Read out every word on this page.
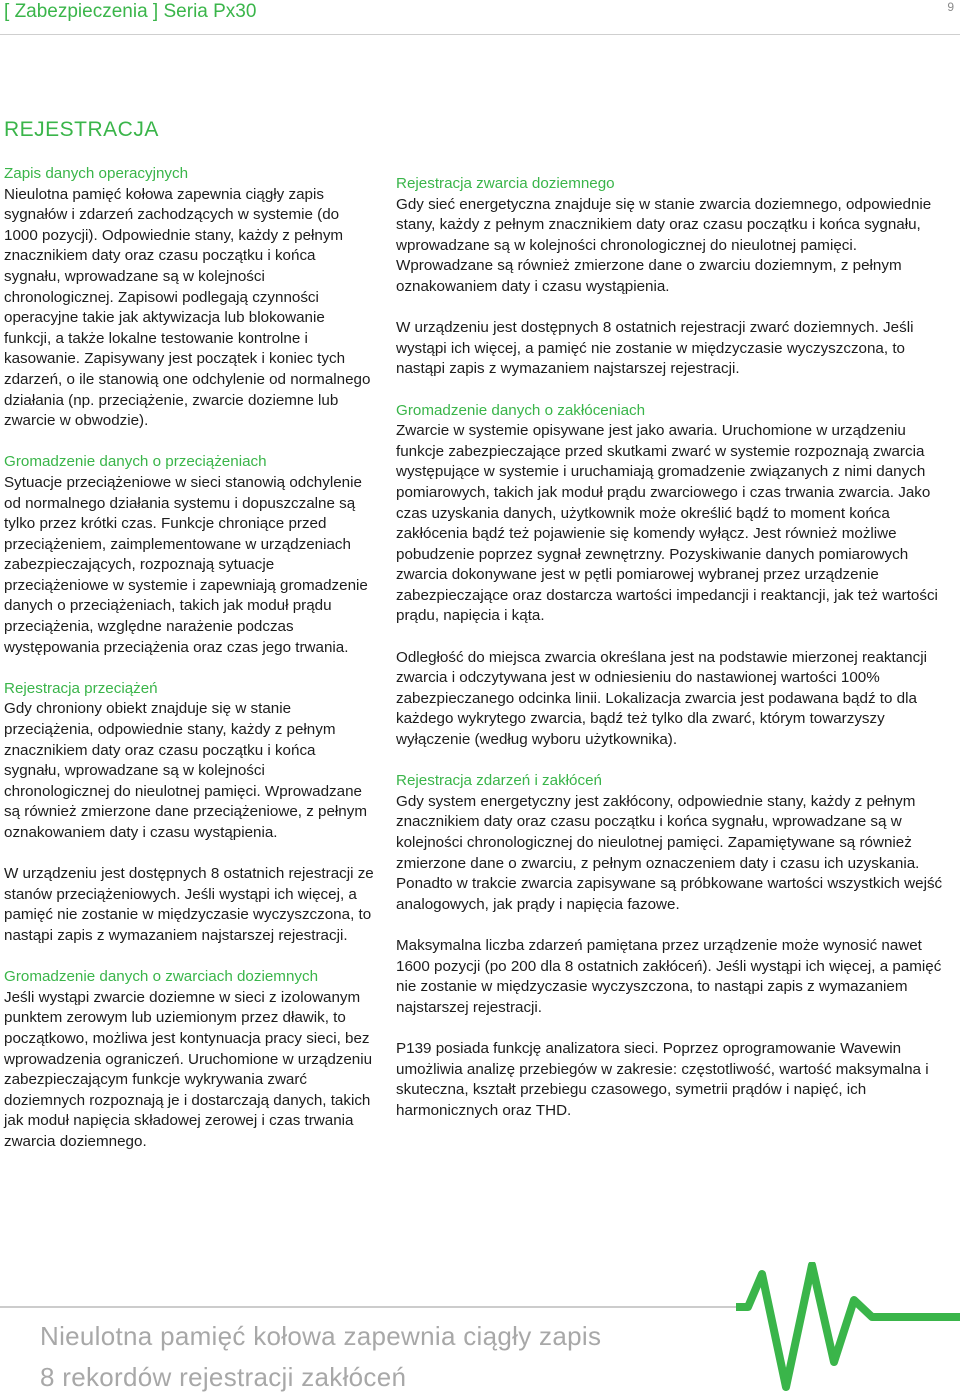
[ Zabezpieczenia ] Seria Px30	9
REJESTRACJA
Zapis danych operacyjnych

Nieulotna pamięć kołowa zapewnia ciągły zapis sygnałów i zdarzeń zachodzących w systemie (do 1000 pozycji). Odpowiednie stany, każdy z pełnym znacznikiem daty oraz czasu początku i końca sygnału, wprowadzane są w kolejności chronologicznej. Zapisowi podlegają czynności operacyjne takie jak aktywizacja lub blokowanie funkcji, a także lokalne testowanie kontrolne i kasowanie. Zapisywany jest początek i koniec tych zdarzeń, o ile stanowią one odchylenie od normalnego działania (np. przeciążenie, zwarcie doziemne lub zwarcie w obwodzie).

Gromadzenie danych o przeciążeniach

Sytuacje przeciążeniowe w sieci stanowią odchylenie od normalnego działania systemu i dopuszczalne są tylko przez krótki czas. Funkcje chroniące przed przeciążeniem, zaimplementowane w urządzeniach zabezpieczających, rozpoznają sytuacje przeciążeniowe w systemie i zapewniają gromadzenie danych o przeciążeniach, takich jak moduł prądu przeciążenia, względne narażenie podczas występowania przeciążenia oraz czas jego trwania.

Rejestracja przeciążeń

Gdy chroniony obiekt znajduje się w stanie przeciążenia, odpowiednie stany, każdy z pełnym znacznikiem daty oraz czasu początku i końca sygnału, wprowadzane są w kolejności chronologicznej do nieulotnej pamięci. Wprowadzane są również zmierzone dane przeciążeniowe, z pełnym oznakowaniem daty i czasu wystąpienia.

W urządzeniu jest dostępnych 8 ostatnich rejestracji ze stanów przeciążeniowych. Jeśli wystąpi ich więcej, a pamięć nie zostanie w międzyczasie wyczyszczona, to nastąpi zapis z wymazaniem najstarszej rejestracji.

Gromadzenie danych o zwarciach doziemnych

Jeśli wystąpi zwarcie doziemne w sieci z izolowanym punktem zerowym lub uziemionym przez dławik, to początkowo, możliwa jest kontynuacja pracy sieci, bez wprowadzenia ograniczeń. Uruchomione w urządzeniu zabezpieczającym funkcje wykrywania zwarć doziemnych rozpoznają je i dostarczają danych, takich jak moduł napięcia składowej zerowej i czas trwania zwarcia doziemnego.

Rejestracja zwarcia doziemnego

Gdy sieć energetyczna znajduje się w stanie zwarcia doziemnego, odpowiednie stany, każdy z pełnym znacznikiem daty oraz czasu początku i końca sygnału, wprowadzane są w kolejności chronologicznej do nieulotnej pamięci. Wprowadzane są również zmierzone dane o zwarciu doziemnym, z pełnym oznakowaniem daty i czasu wystąpienia.

W urządzeniu jest dostępnych 8 ostatnich rejestracji zwarć doziemnych. Jeśli wystąpi ich więcej, a pamięć nie zostanie w międzyczasie wyczyszczona, to nastąpi zapis z wymazaniem najstarszej rejestracji.

Gromadzenie danych o zakłóceniach

Zwarcie w systemie opisywane jest jako awaria. Uruchomione w urządzeniu funkcje zabezpieczające przed skutkami zwarć w systemie rozpoznają zwarcia występujące w systemie i uruchamiają gromadzenie związanych z nimi danych pomiarowych, takich jak moduł prądu zwarciowego i czas trwania zwarcia. Jako czas uzyskania danych, użytkownik może określić bądź to moment końca zakłócenia bądź też pojawienie się komendy wyłącz. Jest również możliwe pobudzenie poprzez sygnał zewnętrzny. Pozyskiwanie danych pomiarowych zwarcia dokonywane jest w pętli pomiarowej wybranej przez urządzenie zabezpieczające oraz dostarcza wartości impedancji i reaktancji, jak też wartości prądu, napięcia i kąta.

Odległość do miejsca zwarcia określana jest na podstawie mierzonej reaktancji zwarcia i odczytywana jest w odniesieniu do nastawionej wartości 100% zabezpieczanego odcinka linii. Lokalizacja zwarcia jest podawana bądź to dla każdego wykrytego zwarcia, bądź też tylko dla zwarć, którym towarzyszy wyłączenie (według wyboru użytkownika).

Rejestracja zdarzeń i zakłóceń

Gdy system energetyczny jest zakłócony, odpowiednie stany, każdy z pełnym znacznikiem daty oraz czasu początku i końca sygnału, wprowadzane są w kolejności chronologicznej do nieulotnej pamięci. Zapamiętywane są również zmierzone dane o zwarciu, z pełnym oznaczeniem daty i czasu ich uzyskania. Ponadto w trakcie zwarcia zapisywane są próbkowane wartości wszystkich wejść analogowych, jak prądy i napięcia fazowe.

Maksymalna liczba zdarzeń pamiętana przez urządzenie może wynosić nawet 1600 pozycji (po 200 dla 8 ostatnich zakłóceń). Jeśli wystąpi ich więcej, a pamięć nie zostanie w międzyczasie wyczyszczona, to nastąpi zapis z wymazaniem najstarszej rejestracji.

P139 posiada funkcję analizatora sieci. Poprzez oprogramowanie Wavewin umożliwia analizę przebiegów w zakresie: częstotliwość, wartość maksymalna i skuteczna, kształt przebiegu czasowego, symetrii prądów i napięć, ich harmonicznych oraz THD.

Nieulotna pamięć kołowa zapewnia ciągły zapis
8 rekordów rejestracji zakłóceń
